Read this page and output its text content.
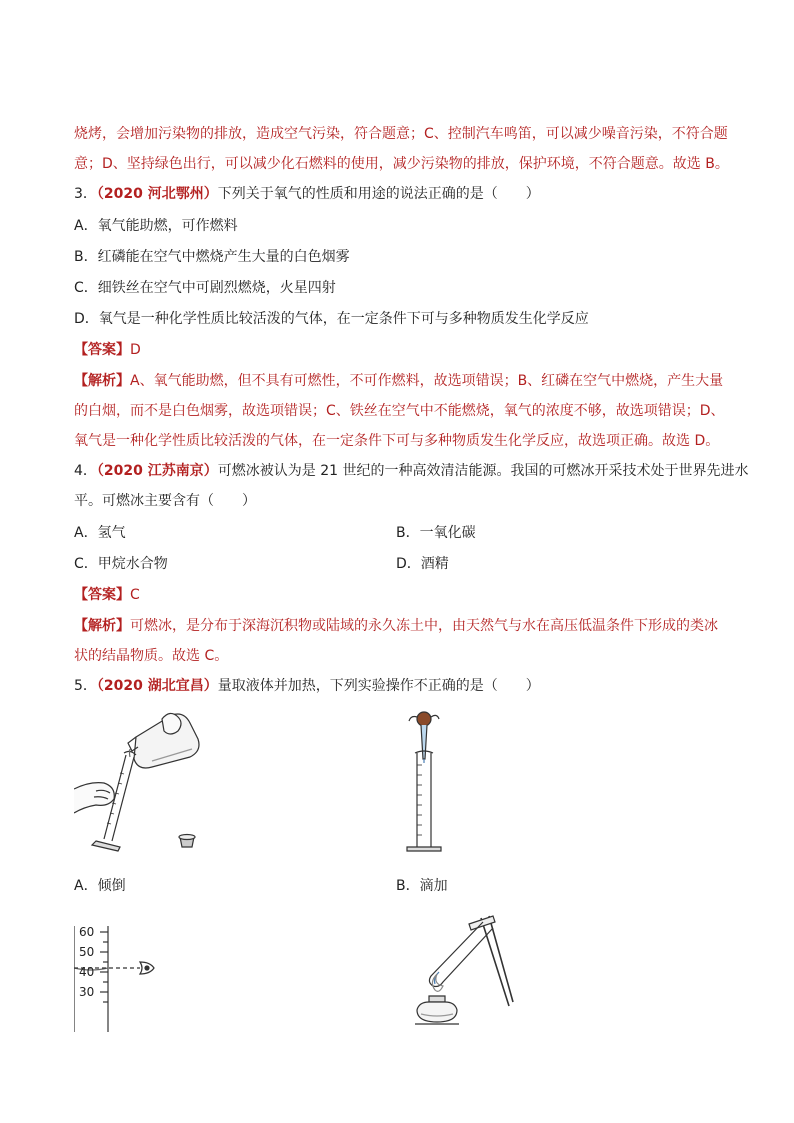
烧烤，会增加污染物的排放，造成空气污染，符合题意；C、控制汽车鸣笛，可以减少噪音污染，不符合题
意；D、坚持绿色出行，可以减少化石燃料的使用，减少污染物的排放，保护环境，不符合题意。故选 B。
3．（2020 河北鄂州）下列关于氧气的性质和用途的说法正确的是（　　）
A．氧气能助燃，可作燃料
B．红磷能在空气中燃烧产生大量的白色烟雾
C．细铁丝在空气中可剧烈燃烧，火星四射
D．氧气是一种化学性质比较活泼的气体，在一定条件下可与多种物质发生化学反应
【答案】D
【解析】A、氧气能助燃，但不具有可燃性，不可作燃料，故选项错误；B、红磷在空气中燃烧，产生大量
的白烟，而不是白色烟雾，故选项错误；C、铁丝在空气中不能燃烧，氧气的浓度不够，故选项错误；D、
氧气是一种化学性质比较活泼的气体，在一定条件下可与多种物质发生化学反应，故选项正确。故选 D。
4．（2020 江苏南京）可燃冰被认为是 21 世纪的一种高效清洁能源。我国的可燃冰开采技术处于世界先进水
平。可燃冰主要含有（　　）
A．氢气	B．一氧化碳
C．甲烷水合物	D．酒精
【答案】C
【解析】可燃冰，是分布于深海沉积物或陆域的永久冻土中，由天然气与水在高压低温条件下形成的类冰
状的结晶物质。故选 C。
5．（2020 湖北宜昌）量取液体并加热，下列实验操作不正确的是（　　）
A．倾倒	B．滴加
60
50
40
30
